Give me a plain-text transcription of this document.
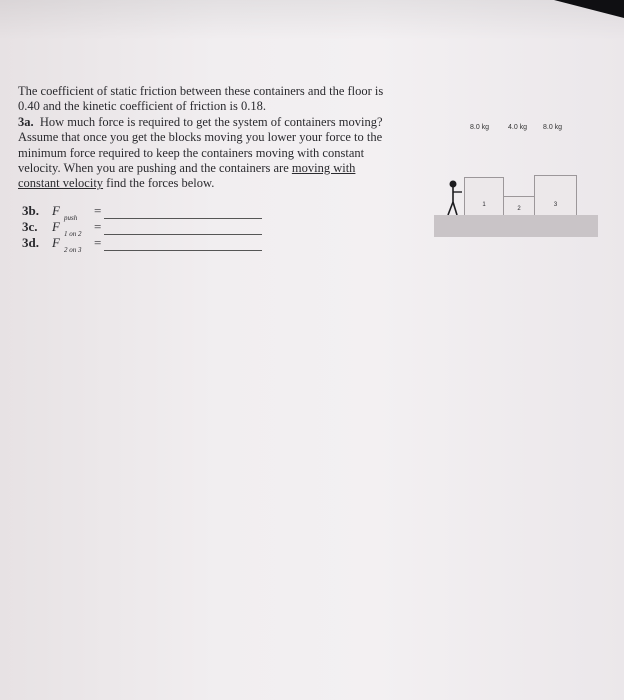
The coefficient of static friction between these containers and the floor is

0.40 and the kinetic coefficient of friction is 0.18.

3a. How much force is required to get the system of containers moving?

Assume that once you get the blocks moving you lower your force to the

minimum force required to keep the containers moving with constant

velocity. When you are pushing and the containers are moving with

constant velocity find the forces below.

3b.	F push	=
3c.	F 1 on 2 =
3d.	F 2 on 3 =
8.0 kg	4.0 kg 8.0 kg
1
2
3
